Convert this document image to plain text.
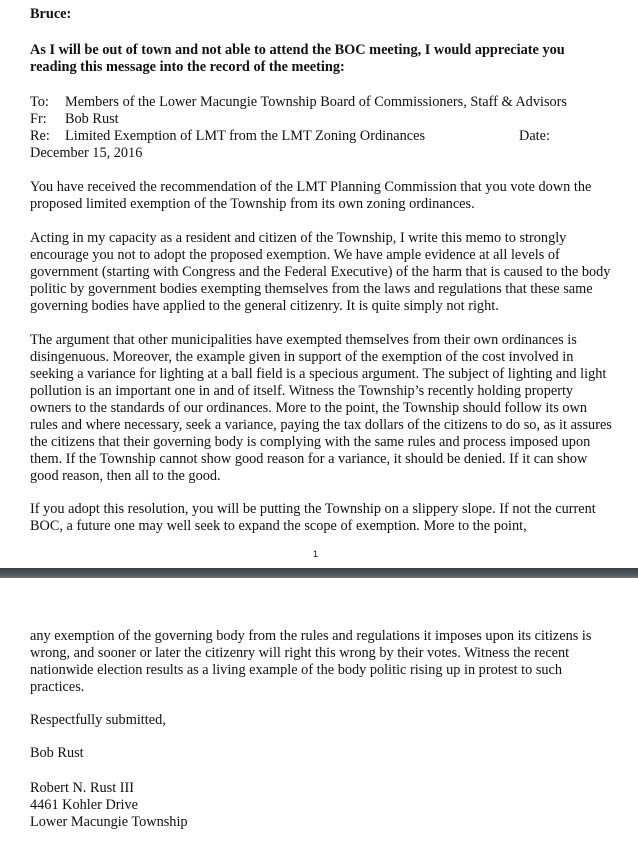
Bruce:

As I will be out of town and not able to attend the BOC meeting, I would appreciate you reading this message into the record of the meeting:

To: Members of the Lower Macungie Township Board of Commissioners, Staff & Advisors
Fr: Bob Rust
Re: Limited Exemption of LMT from the LMT Zoning Ordinances	Date:
December 15, 2016

You have received the recommendation of the LMT Planning Commission that you vote down the proposed limited exemption of the Township from its own zoning ordinances.

Acting in my capacity as a resident and citizen of the Township, I write this memo to strongly encourage you not to adopt the proposed exemption. We have ample evidence at all levels of government (starting with Congress and the Federal Executive) of the harm that is caused to the body politic by government bodies exempting themselves from the laws and regulations that these same governing bodies have applied to the general citizenry. It is quite simply not right.

The argument that other municipalities have exempted themselves from their own ordinances is disingenuous. Moreover, the example given in support of the exemption of the cost involved in seeking a variance for lighting at a ball field is a specious argument. The subject of lighting and light pollution is an important one in and of itself. Witness the Township’s recently holding property owners to the standards of our ordinances. More to the point, the Township should follow its own rules and where necessary, seek a variance, paying the tax dollars of the citizens to do so, as it assures the citizens that their governing body is complying with the same rules and process imposed upon them. If the Township cannot show good reason for a variance, it should be denied. If it can show good reason, then all to the good.

If you adopt this resolution, you will be putting the Township on a slippery slope. If not the current BOC, a future one may well seek to expand the scope of exemption. More to the point,

1

any exemption of the governing body from the rules and regulations it imposes upon its citizens is wrong, and sooner or later the citizenry will right this wrong by their votes. Witness the recent nationwide election results as a living example of the body politic rising up in protest to such practices.

Respectfully submitted,

Bob Rust

Robert N. Rust III

4461 Kohler Drive

Lower Macungie Township
